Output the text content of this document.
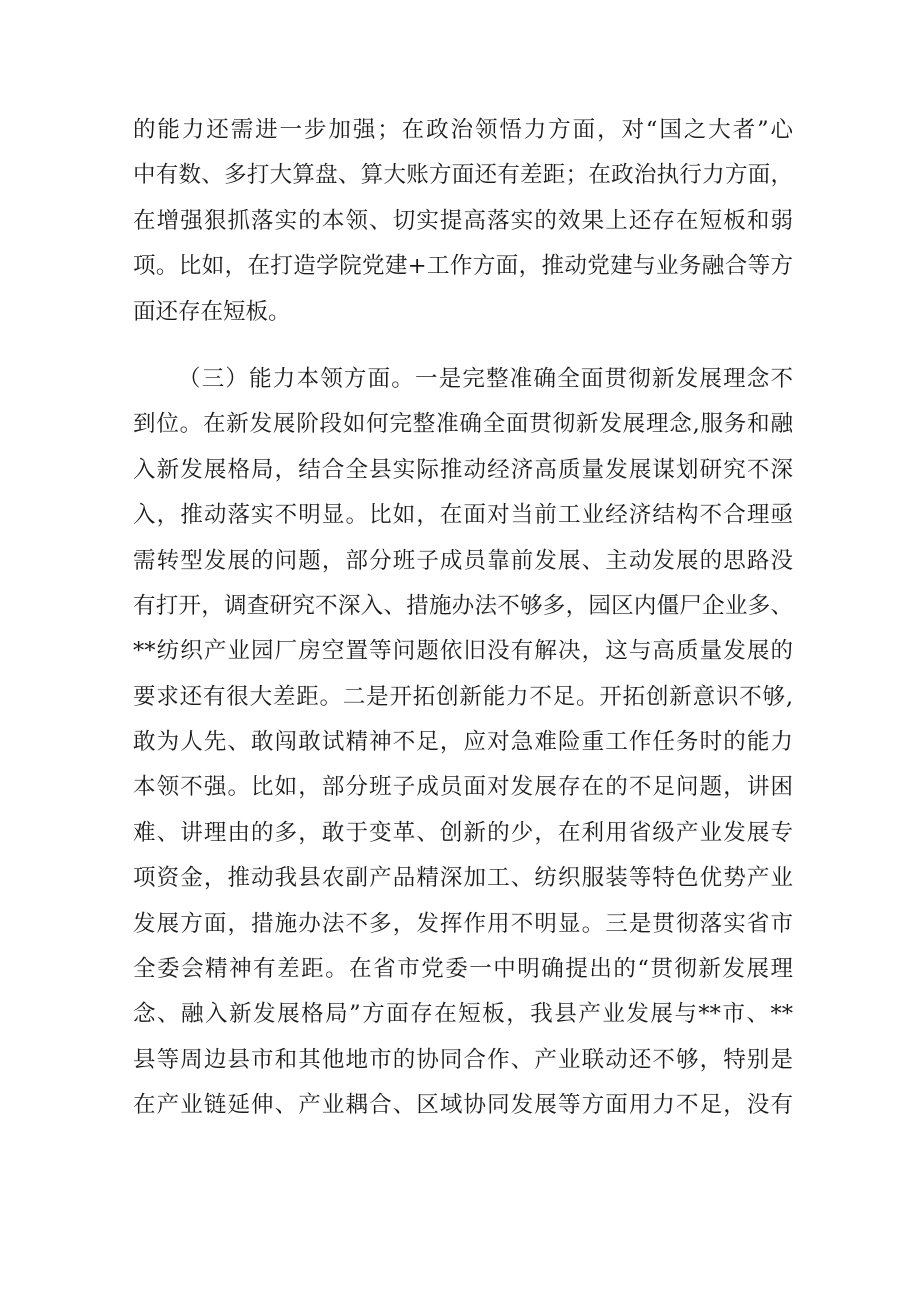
的能力还需进一步加强；在政治领悟力方面，对“国之大者”心
中有数、多打大算盘、算大账方面还有差距；在政治执行力方面，
在增强狠抓落实的本领、切实提高落实的效果上还存在短板和弱
项。比如，在打造学院党建+工作方面，推动党建与业务融合等方
面还存在短板。
（三）能力本领方面。一是完整准确全面贯彻新发展理念不
到位。在新发展阶段如何完整准确全面贯彻新发展理念,服务和融
入新发展格局，结合全县实际推动经济高质量发展谋划研究不深
入，推动落实不明显。比如，在面对当前工业经济结构不合理亟
需转型发展的问题，部分班子成员靠前发展、主动发展的思路没
有打开，调查研究不深入、措施办法不够多，园区内僵尸企业多、
**纺织产业园厂房空置等问题依旧没有解决，这与高质量发展的
要求还有很大差距。二是开拓创新能力不足。开拓创新意识不够,
敢为人先、敢闯敢试精神不足，应对急难险重工作任务时的能力
本领不强。比如，部分班子成员面对发展存在的不足问题，讲困
难、讲理由的多，敢于变革、创新的少，在利用省级产业发展专
项资金，推动我县农副产品精深加工、纺织服装等特色优势产业
发展方面，措施办法不多，发挥作用不明显。三是贯彻落实省市
全委会精神有差距。在省市党委一中明确提出的“贯彻新发展理
念、融入新发展格局”方面存在短板，我县产业发展与**市、**
县等周边县市和其他地市的协同合作、产业联动还不够，特别是
在产业链延伸、产业耦合、区域协同发展等方面用力不足，没有
